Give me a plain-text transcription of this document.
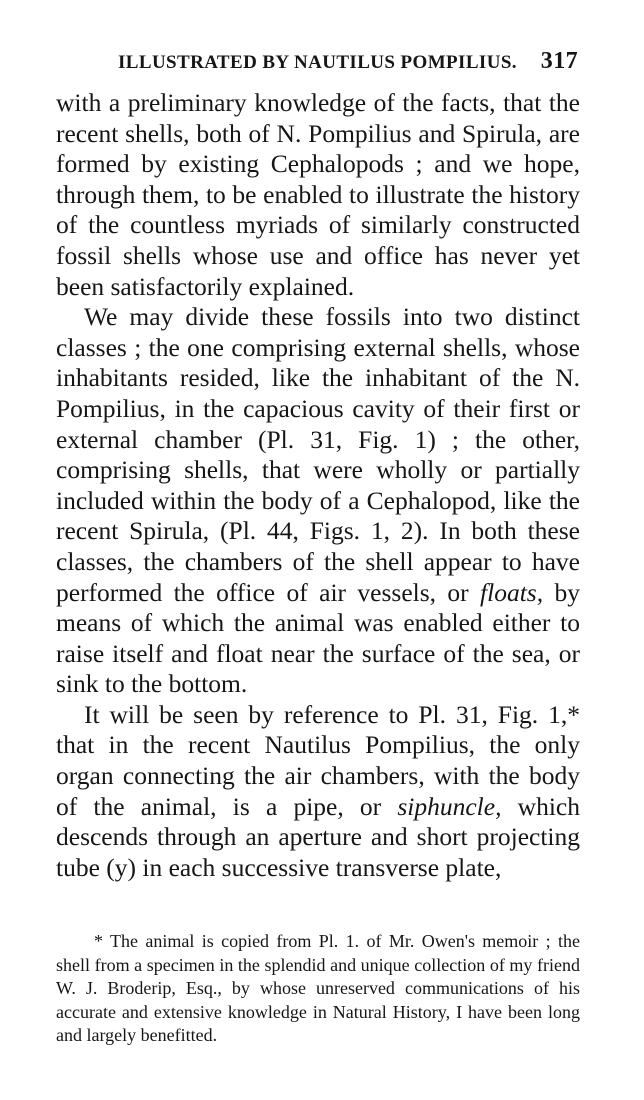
ILLUSTRATED BY NAUTILUS POMPILIUS. 317

with a preliminary knowledge of the facts, that the recent shells, both of N. Pompilius and Spirula, are formed by existing Cephalopods ; and we hope, through them, to be enabled to illustrate the history of the countless myriads of similarly constructed fossil shells whose use and office has never yet been satisfactorily explained.

We may divide these fossils into two distinct classes ; the one comprising external shells, whose inhabitants resided, like the inhabitant of the N. Pompilius, in the capacious cavity of their first or external chamber (Pl. 31, Fig. 1) ; the other, comprising shells, that were wholly or partially included within the body of a Cephalopod, like the recent Spirula, (Pl. 44, Figs. 1, 2). In both these classes, the chambers of the shell appear to have performed the office of air vessels, or floats, by means of which the animal was enabled either to raise itself and float near the surface of the sea, or sink to the bottom.

It will be seen by reference to Pl. 31, Fig. 1,* that in the recent Nautilus Pompilius, the only organ connecting the air chambers, with the body of the animal, is a pipe, or siphuncle, which descends through an aperture and short projecting tube (y) in each successive transverse plate,

* The animal is copied from Pl. 1. of Mr. Owen's memoir ; the shell from a specimen in the splendid and unique collection of my friend W. J. Broderip, Esq., by whose unreserved communications of his accurate and extensive knowledge in Natural History, I have been long and largely benefitted.
